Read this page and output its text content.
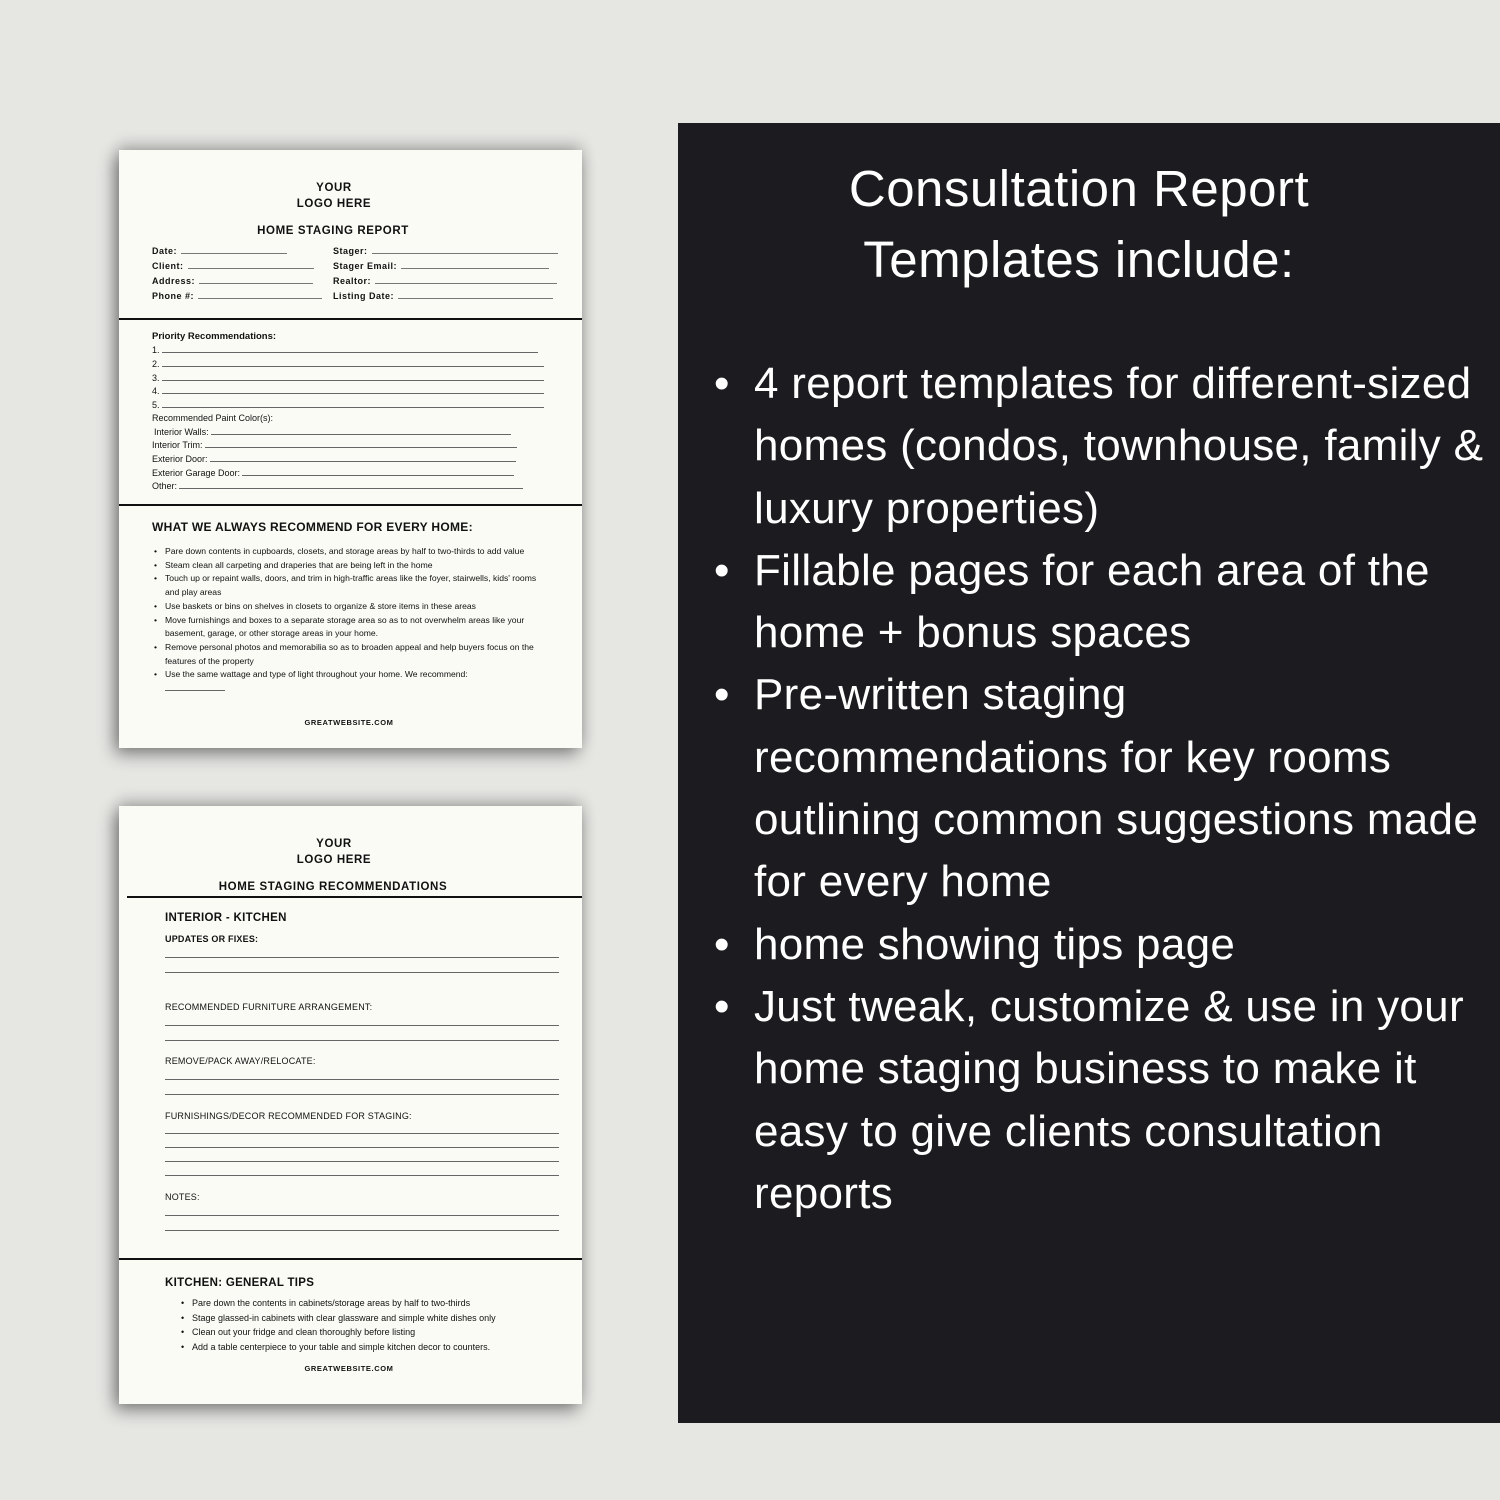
YOUR
LOGO HERE
HOME STAGING REPORT
Date:
Client:
Address:
Phone #:
Stager:
Stager Email:
Realtor:
Listing Date:
Priority Recommendations:
1.
2.
3.
4.
5.
Recommended Paint Color(s):
Interior Walls:
Interior Trim:
Exterior Door:
Exterior Garage Door:
Other:
WHAT WE ALWAYS RECOMMEND FOR EVERY HOME:
• Pare down contents in cupboards, closets, and storage areas by half to two-thirds to add value
• Steam clean all carpeting and draperies that are being left in the home
• Touch up or repaint walls, doors, and trim in high-traffic areas like the foyer, stairwells, kids' rooms and play areas
• Use baskets or bins on shelves in closets to organize & store items in these areas
• Move furnishings and boxes to a separate storage area so as to not overwhelm areas like your basement, garage, or other storage areas in your home.
• Remove personal photos and memorabilia so as to broaden appeal and help buyers focus on the features of the property
• Use the same wattage and type of light throughout your home. We recommend:

GREATWEBSITE.COM
YOUR
LOGO HERE
HOME STAGING RECOMMENDATIONS
INTERIOR - KITCHEN
UPDATES OR FIXES:
RECOMMENDED FURNITURE ARRANGEMENT:
REMOVE/PACK AWAY/RELOCATE:
FURNISHINGS/DECOR RECOMMENDED FOR STAGING:
NOTES:
KITCHEN: GENERAL TIPS
• Pare down the contents in cabinets/storage areas by half to two-thirds
• Stage glassed-in cabinets with clear glassware and simple white dishes only
• Clean out your fridge and clean thoroughly before listing
• Add a table centerpiece to your table and simple kitchen decor to counters.
GREATWEBSITE.COM
Consultation Report
Templates include:
• 4 report templates for different-sized homes (condos, townhouse, family & luxury properties)
• Fillable pages for each area of the home + bonus spaces
• Pre-written staging recommendations for key rooms outlining common suggestions made for every home
• home showing tips page
• Just tweak, customize & use in your home staging business to make it easy to give clients consultation reports
